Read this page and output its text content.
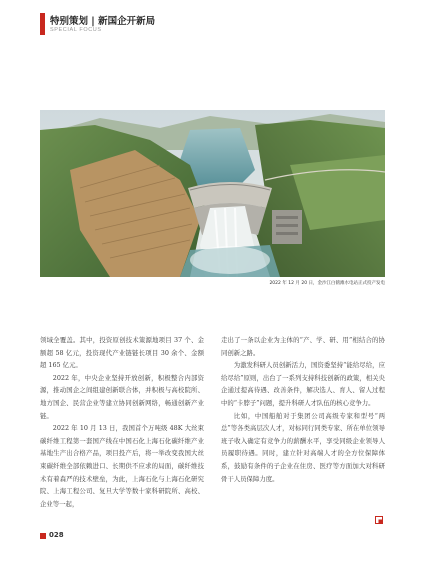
特别策划 | 新国企开新局
SPECIAL FOCUS
2022 年 12 月 20 日，金沙江白鹤滩水电站正式投产发电

领域全覆盖。其中，投资原创技术策源地项目 37 个、金额超 58 亿元，投资现代产业链链长项目 30 余个、金额超 165 亿元。

2022 年，中央企业坚持开放创新，积极整合内部资源，推动国企之间组建创新联合体，并积极与高校院所、地方国企、民营企业等建立协同创新网络，畅通创新产业链。

2022 年 10 月 13 日，我国首个万吨级 48K 大丝束碳纤维工程第一套国产线在中国石化上海石化碳纤维产业基地生产出合格产品，项目投产后，将一举改变我国大丝束碳纤维全部依赖进口、长期供不应求的局面，碳纤维技术有着森严的技术壁垒，为此，上海石化与上海石化研究院、上海工程公司、复旦大学等数十家科研院所、高校、企业等一起，

走出了一条以企业为主体的“产、学、研、用”相结合的协同创新之路。

为激发科研人员创新活力，国资委坚持“能给尽给，应给尽给”原则，出台了一系列支持科技创新的政策，相关央企通过提高待遇、改善条件，解决选人、育人、留人过程中的“卡脖子”问题，提升科研人才队伍的核心竞争力。

比如，中国船舶对于集团公司高级专家和型号“两总”等各类高层次人才，对标同行同类专家、所在单位领导班子收入确定有竞争力的薪酬水平，享受同级企业领导人员履职待遇。同时，建立针对高端人才的全方位保障体系，鼓励有条件的子企业在住房、医疗等方面加大对科研骨干人员保障力度。

028
